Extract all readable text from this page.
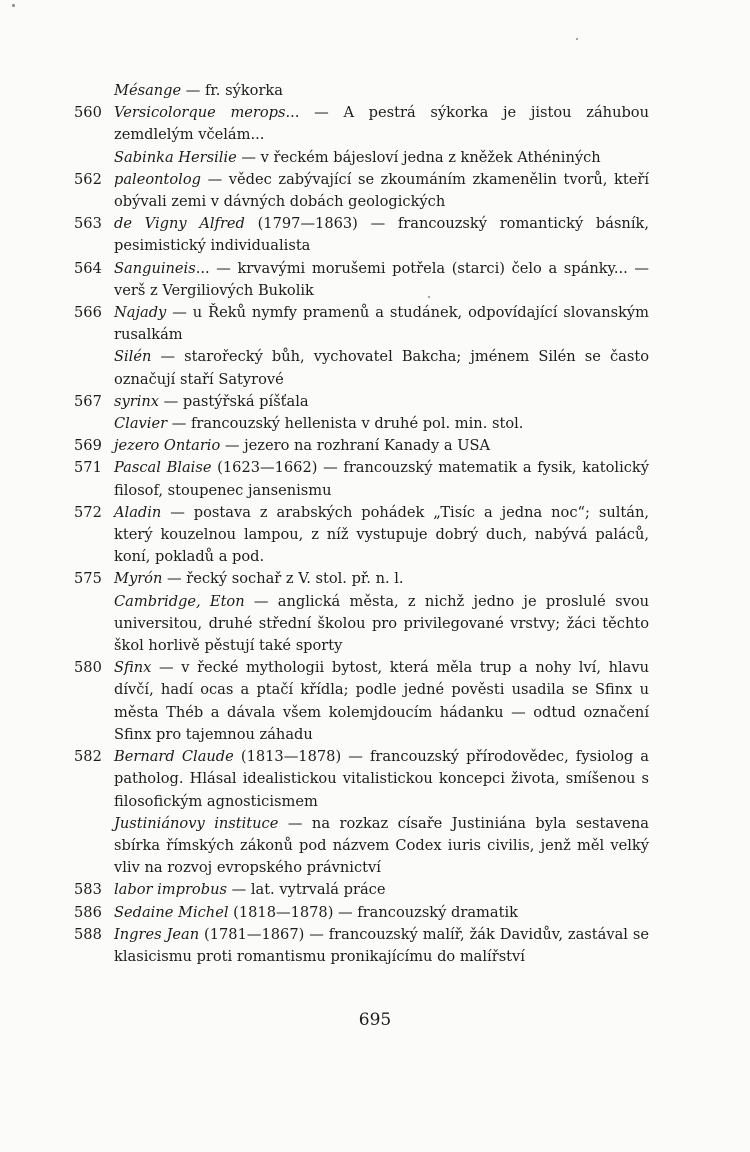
Mésange — fr. sýkorka
560 Versicolorque merops... — A pestrá sýkorka je jistou záhubou zemdlelým včelám...
Sabinka Hersilie — v řeckém bájesloví jedna z kněžek Athéniných
562 paleontolog — vědec zabývající se zkoumáním zkamenělin tvorů, kteří obývali zemi v dávných dobách geologických
563 de Vigny Alfred (1797—1863) — francouzský romantický básník, pesimistický individualista
564 Sanguineis... — krvavými morušemi potřela (starci) čelo a spánky... — verš z Vergiliových Bukolik
566 Najady — u Řeků nymfy pramenů a studánek, odpovídající slovanským rusalkám
Silén — starořecký bůh, vychovatel Bakcha; jménem Silén se často označují staří Satyrové
567 syrinx — pastýřská píšťala
Clavier — francouzský hellenista v druhé pol. min. stol.
569 jezero Ontario — jezero na rozhraní Kanady a USA
571 Pascal Blaise (1623—1662) — francouzský matematik a fysik, katolický filosof, stoupenec jansenismu
572 Aladin — postava z arabských pohádek „Tisíc a jedna noc“; sultán, který kouzelnou lampou, z níž vystupuje dobrý duch, nabývá paláců, koní, pokladů a pod.
575 Myrón — řecký sochař z V. stol. př. n. l.
Cambridge, Eton — anglická města, z nichž jedno je proslulé svou universitou, druhé střední školou pro privilegované vrstvy; žáci těchto škol horlivě pěstují také sporty
580 Sfinx — v řecké mythologii bytost, která měla trup a nohy lví, hlavu dívčí, hadí ocas a ptačí křídla; podle jedné pověsti usadila se Sfinx u města Théb a dávala všem kolemjdoucím hádanku — odtud označení Sfinx pro tajemnou záhadu
582 Bernard Claude (1813—1878) — francouzský přírodovědec, fysiolog a patholog. Hlásal idealistickou vitalistickou koncepci života, smíšenou s filosofickým agnosticismem
Justiniánovy instituce — na rozkaz císaře Justiniána byla sestavena sbírka římských zákonů pod názvem Codex iuris civilis, jenž měl velký vliv na rozvoj evropského právnictví
583 labor improbus — lat. vytrvalá práce
586 Sedaine Michel (1818—1878) — francouzský dramatik
588 Ingres Jean (1781—1867) — francouzský malíř, žák Davidův, zastával se klasicismu proti romantismu pronikajícímu do malířství
695
